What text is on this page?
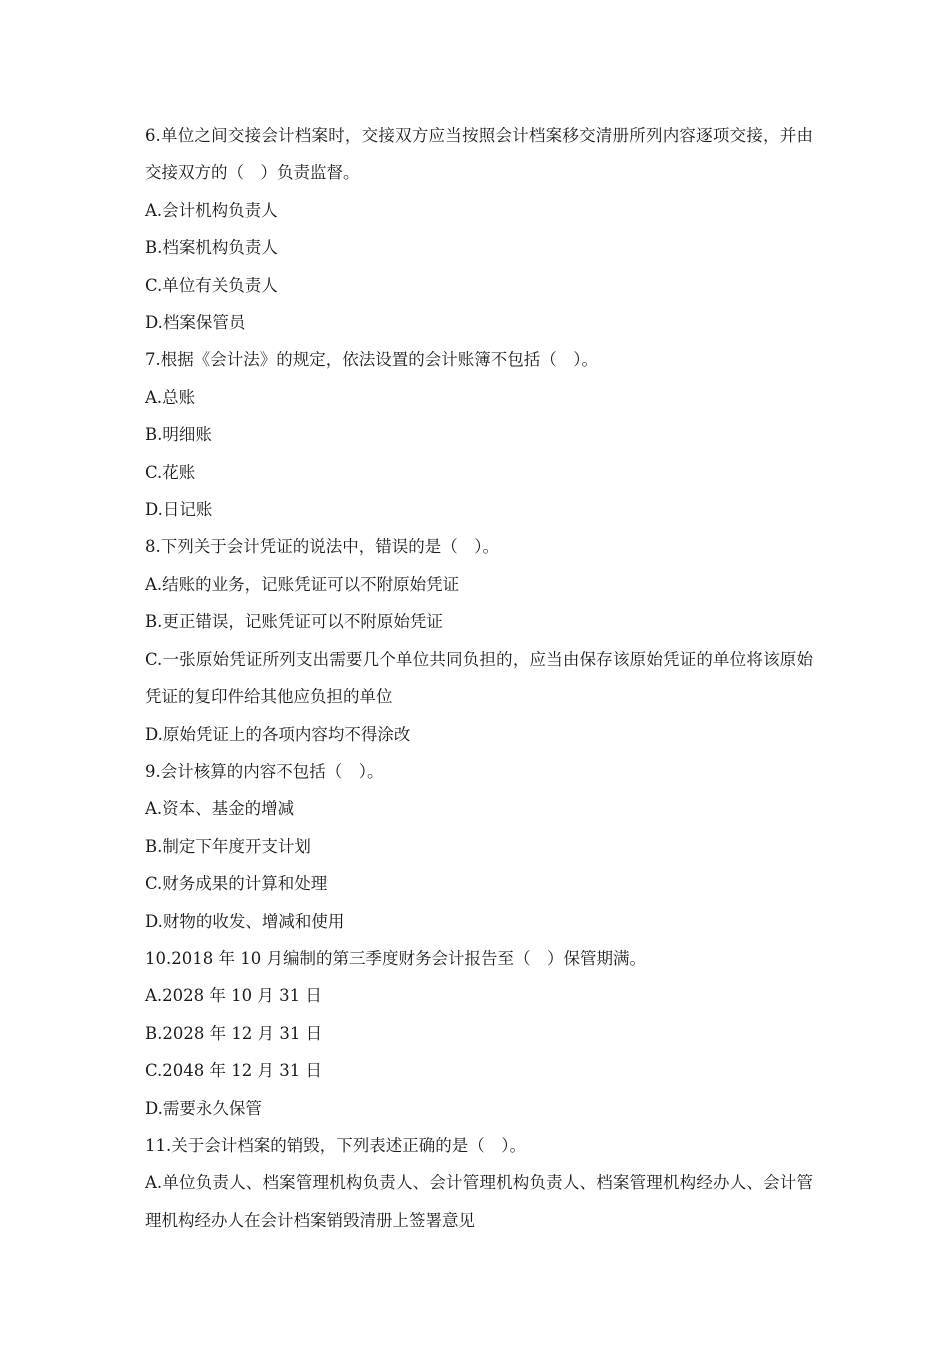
6.单位之间交接会计档案时，交接双方应当按照会计档案移交清册所列内容逐项交接，并由交接双方的（　）负责监督。

A.会计机构负责人

B.档案机构负责人

C.单位有关负责人

D.档案保管员

7.根据《会计法》的规定，依法设置的会计账簿不包括（　）。

A.总账

B.明细账

C.花账

D.日记账

8.下列关于会计凭证的说法中，错误的是（　）。

A.结账的业务，记账凭证可以不附原始凭证

B.更正错误，记账凭证可以不附原始凭证

C.一张原始凭证所列支出需要几个单位共同负担的，应当由保存该原始凭证的单位将该原始凭证的复印件给其他应负担的单位

D.原始凭证上的各项内容均不得涂改

9.会计核算的内容不包括（　）。

A.资本、基金的增减

B.制定下年度开支计划

C.财务成果的计算和处理

D.财物的收发、增减和使用

10.2018 年 10 月编制的第三季度财务会计报告至（　）保管期满。

A.2028 年 10 月 31 日

B.2028 年 12 月 31 日

C.2048 年 12 月 31 日

D.需要永久保管

11.关于会计档案的销毁，下列表述正确的是（　）。

A.单位负责人、档案管理机构负责人、会计管理机构负责人、档案管理机构经办人、会计管理机构经办人在会计档案销毁清册上签署意见
